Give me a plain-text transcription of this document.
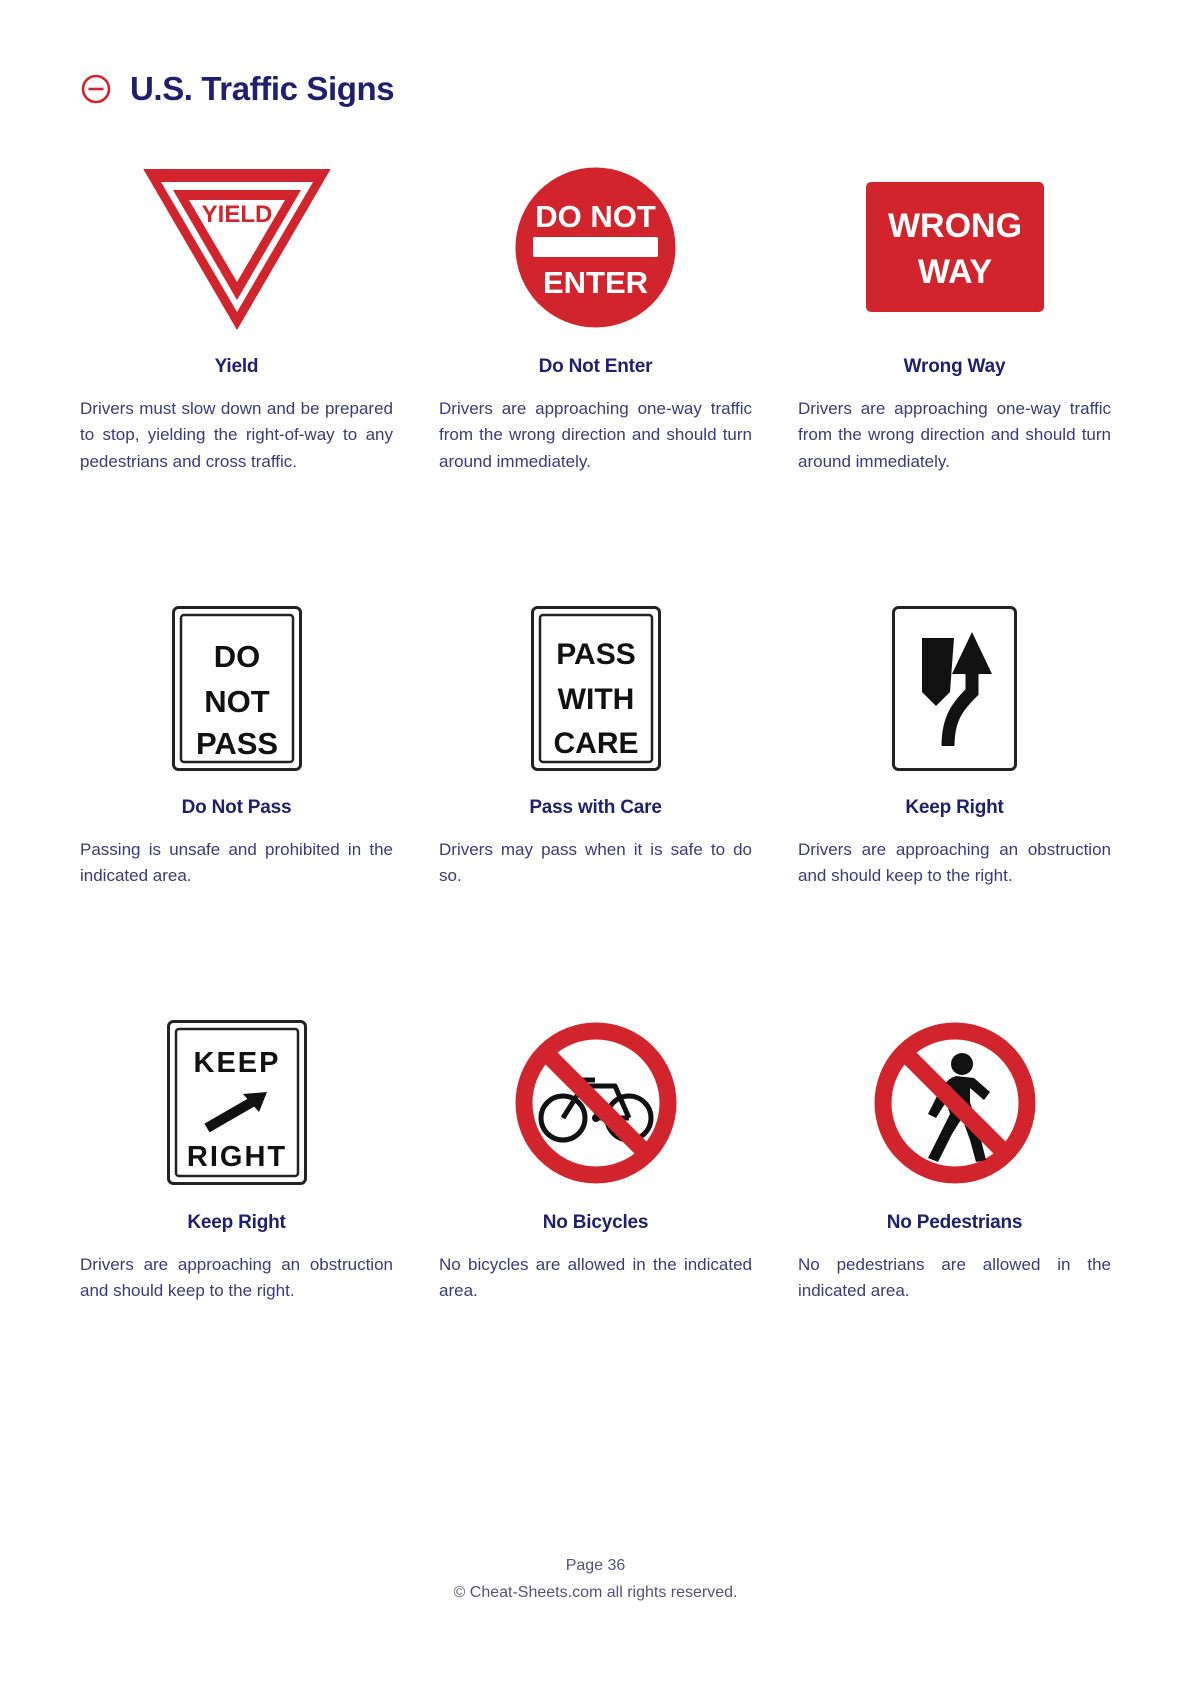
U.S. Traffic Signs
YIELD
Yield
Drivers must slow down and be prepared to stop, yielding the right-of-way to any pedestrians and cross traffic.
DO NOT
ENTER
Do Not Enter
Drivers are approaching one-way traffic from the wrong direction and should turn around immediately.
WRONG
WAY
Wrong Way
Drivers are approaching one-way traffic from the wrong direction and should turn around immediately.
DO
NOT
PASS
Do Not Pass
Passing is unsafe and prohibited in the indicated area.
PASS
WITH
CARE
Pass with Care
Drivers may pass when it is safe to do so.
Keep Right
Drivers are approaching an obstruction and should keep to the right.
KEEP
RIGHT
Keep Right
Drivers are approaching an obstruction and should keep to the right.
No Bicycles
No bicycles are allowed in the indicated area.
No Pedestrians
No pedestrians are allowed in the indicated area.
Page 36
© Cheat-Sheets.com all rights reserved.
